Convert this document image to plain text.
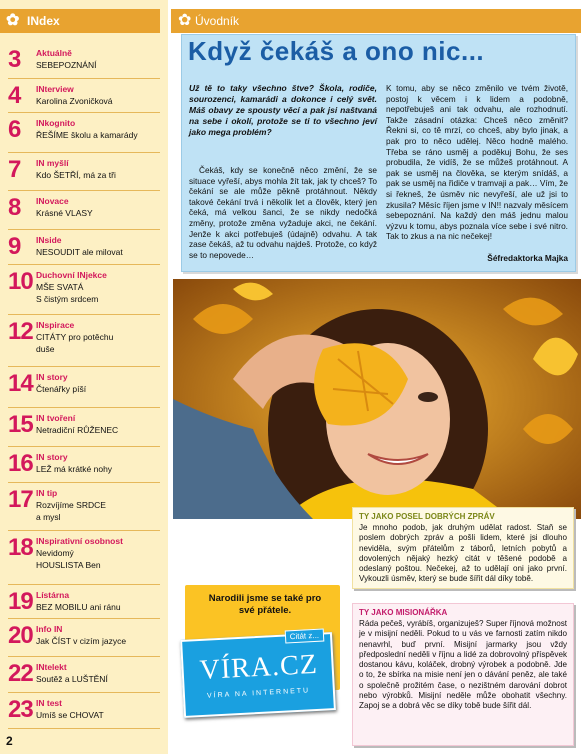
✿ INdex
3 Aktuálně
SEBEPOZNÁNÍ
4 INterview
Karolina Zvoničková
6 INkognito
ŘEŠÍME školu a kamarády
7 IN myšlí
Kdo ŠETŘÍ, má za tři
8 INovace
Krásné VLASY
9 INside
NESOUDIT ale milovat
10 Duchovní INjekce
MŠE SVATÁ
S čistým srdcem
12 INspirace
CITÁTY pro potěchu
duše
14 IN story
Čtenářky píší
15 IN tvoření
Netradiční RŮŽENEC
16 IN story
LEŽ má krátké nohy
17 IN tip
Rozvíjíme SRDCE
a mysl
18 INspirativní osobnost
Nevidomý
HOUSLISTA Ben
19 Lístárna
BEZ MOBILU ani ránu
20 Info IN
Jak ČÍST v cizím jazyce
22 INtelekt
Soutěž a LUŠTĚNÍ
23 IN test
Umíš se CHOVAT
2
✿ Úvodník
Když čekáš a ono nic...
Už tě to taky všechno štve? Škola, rodiče, sourozenci, kamarádi a dokonce i celý svět. Máš obavy ze spousty věcí a pak jsi naštvaná na sebe i okolí, protože se ti to všechno jeví jako mega problém?
Čekáš, kdy se konečně něco změní, že se situace vyřeší, abys mohla žít tak, jak ty chceš? To čekání se ale může pěkně protáhnout. Někdy takové čekání trvá i několik let a člověk, který jen čeká, má velkou šanci, že se nikdy nedočká změny, protože změna vyžaduje akci, ne čekání. Jenže k akci potřebuješ (údajně) odvahu. A tak zase čekáš, až tu odvahu najdeš. Protože, co když se to nepovede…
K tomu, aby se něco změnilo ve tvém životě, postoj k věcem i k lidem a podobně, nepotřebuješ ani tak odvahu, ale rozhodnutí. Takže zásadní otázka: Chceš něco změnit? Řekni si, co tě mrzí, co chceš, aby bylo jinak, a pak pro to něco udělej. Něco hodně malého. Třeba se ráno usměj a poděkuj Bohu, že ses probudila, že vidíš, že se můžeš protáhnout. A pak se usměj na člověka, se kterým snídáš, a pak se usměj na řidiče v tramvaji a pak… Vím, že si řekneš, že úsměv nic nevyřeší, ale už jsi to zkusila? Měsíc říjen jsme v IN!! nazvaly měsícem sebepoznání. Na každý den máš jednu malou výzvu k tomu, abys poznala více sebe i své nitro. Tak to zkus a na nic nečekej!
Šéfredaktorka Majka
TY JAKO POSEL DOBRÝCH ZPRÁV
Je mnoho podob, jak druhým udělat radost. Staň se poslem dobrých zpráv a pošli lidem, které jsi dlouho neviděla, svým přátelům z táborů, letních pobytů a dovolených nějaký hezký citát v těšené podobě a odeslaný poštou. Nečekej, až to udělají oni jako první. Vykouzli úsměv, který se bude šířit dál díky tobě.
TY JAKO MISIONÁŘKA
Ráda pečeš, vyrábíš, organizuješ? Super říjnová možnost je v misijní neděli. Pokud to u vás ve farnosti zatím nikdo nenavrhl, buď první. Misijní jarmarky jsou vždy předposlední neděli v říjnu a lidé za dobrovolný příspěvek dostanou kávu, koláček, drobný výrobek a podobně. Jde o to, že sbírka na misie není jen o dávání peněz, ale také o společně prožitém čase, o nezištném darování dobrot nebo výrobků. Misijní neděle může obohatit všechny. Zapoj se a dobrá věc se díky tobě bude šířit dál.
Narodili jsme se také pro své přátele.
Citát z...
VÍRA.CZ
VÍRA NA INTERNETU
